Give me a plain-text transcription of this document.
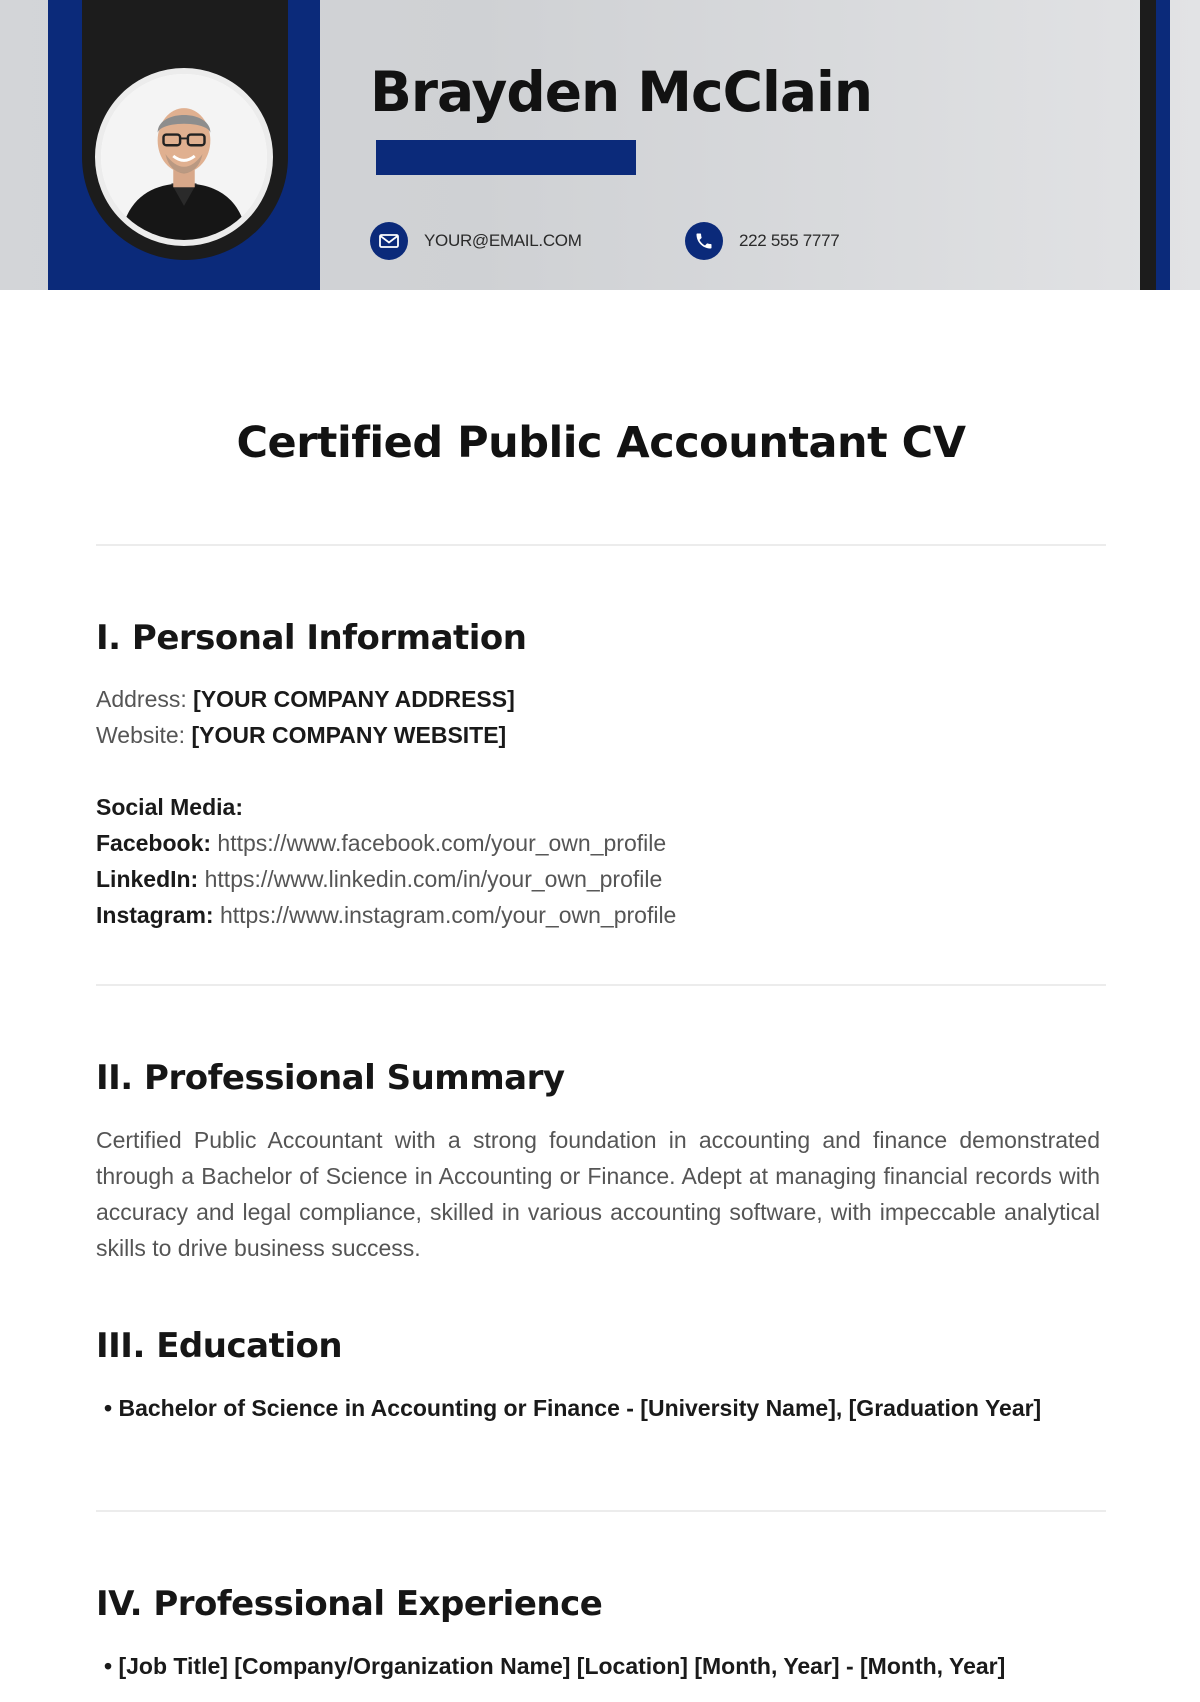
Brayden McClain
YOUR@EMAIL.COM	222 555 7777
Certified Public Accountant CV
I. Personal Information
Address: [YOUR COMPANY ADDRESS]
Website: [YOUR COMPANY WEBSITE]
Social Media:
Facebook: https://www.facebook.com/your_own_profile
LinkedIn: https://www.linkedin.com/in/your_own_profile
Instagram: https://www.instagram.com/your_own_profile
II. Professional Summary
Certified Public Accountant with a strong foundation in accounting and finance demonstrated through a Bachelor of Science in Accounting or Finance. Adept at managing financial records with accuracy and legal compliance, skilled in various accounting software, with impeccable analytical skills to drive business success.
III. Education
• Bachelor of Science in Accounting or Finance - [University Name], [Graduation Year]
IV. Professional Experience
• [Job Title] [Company/Organization Name] [Location] [Month, Year] - [Month, Year]
